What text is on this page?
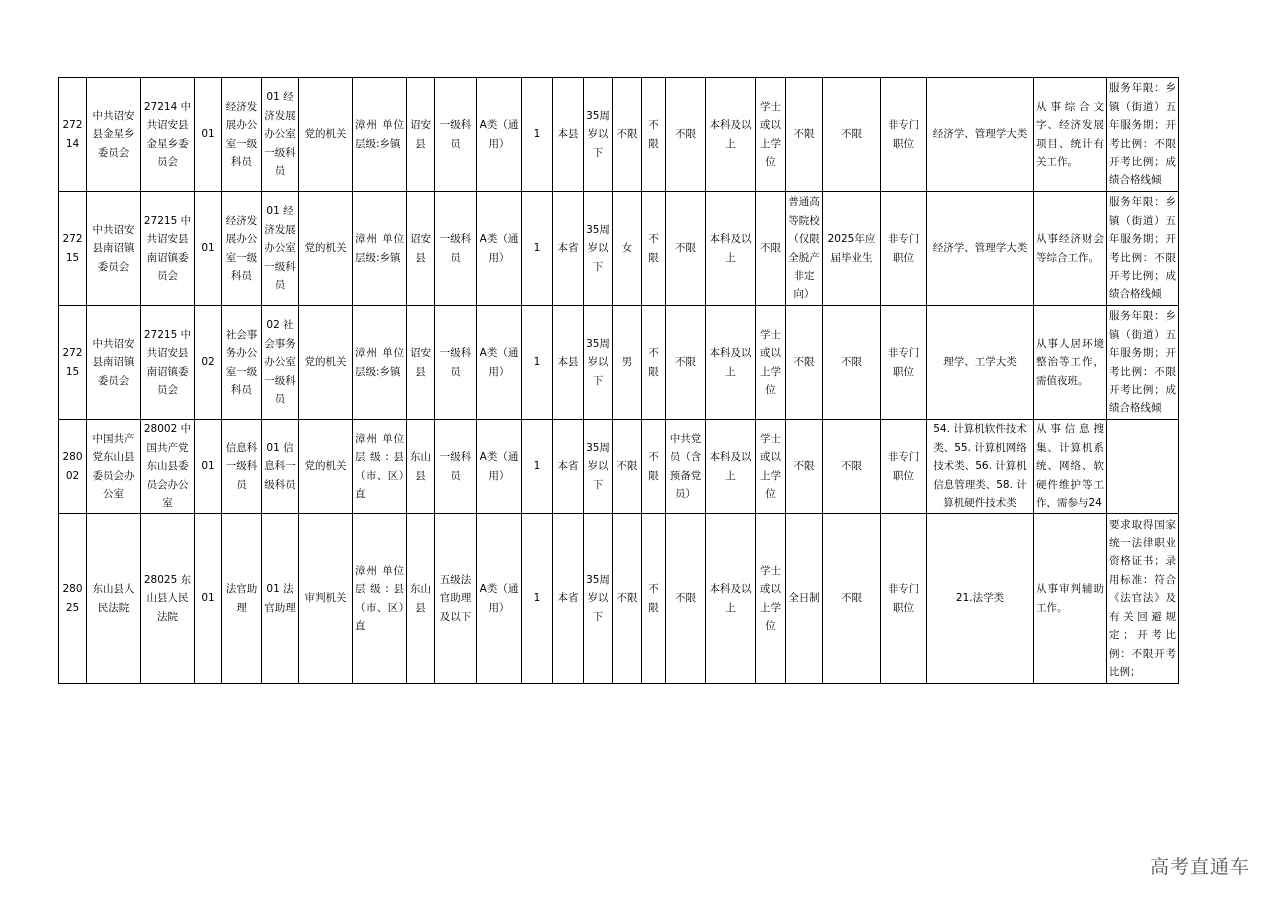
27214	中共诏安县金星乡委员会	27214 中共诏安县金星乡委员会	01	经济发展办公室一级科员	01 经济发展办公室一级科员	党的机关	漳州 单位层级:乡镇	诏安县	一级科员	A类（通用）	1	本县	35周岁以下	不限	不限	不限	本科及以上	学士或以上学位	不限	不限	非专门职位	经济学、管理学大类	从事综合文字、经济发展项目、统计有关工作。	服务年限：乡镇（街道）五年服务期；开考比例：不限开考比例；成绩合格线倾
27215	中共诏安县南诏镇委员会	27215 中共诏安县南诏镇委员会	01	经济发展办公室一级科员	01 经济发展办公室一级科员	党的机关	漳州 单位层级:乡镇	诏安县	一级科员	A类（通用）	1	本省	35周岁以下	女	不限	不限	本科及以上	不限	普通高等院校（仅限全脱产非定向）	2025年应届毕业生	非专门职位	经济学、管理学大类	从事经济财会等综合工作。	服务年限：乡镇（街道）五年服务期；开考比例：不限开考比例；成绩合格线倾
27215	中共诏安县南诏镇委员会	27215 中共诏安县南诏镇委员会	02	社会事务办公室一级科员	02 社会事务办公室一级科员	党的机关	漳州 单位层级:乡镇	诏安县	一级科员	A类（通用）	1	本县	35周岁以下	男	不限	不限	本科及以上	学士或以上学位	不限	不限	非专门职位	理学、工学大类	从事人居环境整治等工作，需值夜班。	服务年限：乡镇（街道）五年服务期；开考比例：不限开考比例；成绩合格线倾
28002	中国共产党东山县委员会办公室	28002 中国共产党东山县委员会办公室	01	信息科一级科员	01 信息科一级科员	党的机关	漳州 单位层级:县（市、区）直	东山县	一级科员	A类（通用）	1	本省	35周岁以下	不限	不限	中共党员（含预备党员）	本科及以上	学士或以上学位	不限	不限	非专门职位	54. 计算机软件技术类、55. 计算机网络技术类、56. 计算机信息管理类、58. 计算机硬件技术类	从事信息搜集、计算机系统、网络、软硬件维护等工作，需参与24	
28025	东山县人民法院	28025 东山县人民法院	01	法官助理	01 法官助理	审判机关	漳州 单位层级:县（市、区）直	东山县	五级法官助理及以下	A类（通用）	1	本省	35周岁以下	不限	不限	不限	本科及以上	学士或以上学位	全日制	不限	非专门职位	21.法学类	从事审判辅助工作。	要求取得国家统一法律职业资格证书；录用标准：符合《法官法》及有关回避规定；开考比例：不限开考比例；
高考直通车
